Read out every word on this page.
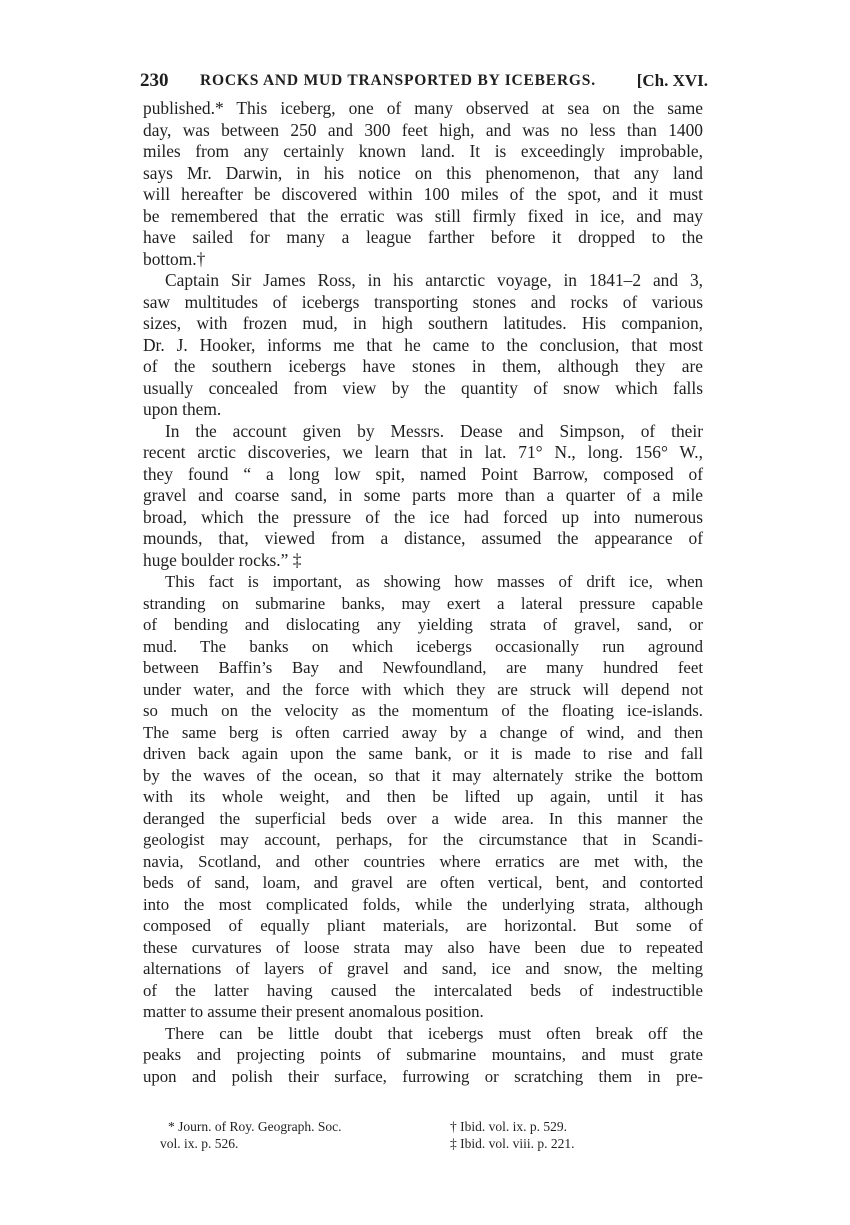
230 ROCKS AND MUD TRANSPORTED BY ICEBERGS. [Ch. XVI.
published.* This iceberg, one of many observed at sea on the same
day, was between 250 and 300 feet high, and was no less than 1400
miles from any certainly known land. It is exceedingly improbable,
says Mr. Darwin, in his notice on this phenomenon, that any land
will hereafter be discovered within 100 miles of the spot, and it must
be remembered that the erratic was still firmly fixed in ice, and may
have sailed for many a league farther before it dropped to the
bottom.†
Captain Sir James Ross, in his antarctic voyage, in 1841–2 and 3,
saw multitudes of icebergs transporting stones and rocks of various
sizes, with frozen mud, in high southern latitudes. His companion,
Dr. J. Hooker, informs me that he came to the conclusion, that most
of the southern icebergs have stones in them, although they are
usually concealed from view by the quantity of snow which falls
upon them.
In the account given by Messrs. Dease and Simpson, of their
recent arctic discoveries, we learn that in lat. 71° N., long. 156° W.,
they found “ a long low spit, named Point Barrow, composed of
gravel and coarse sand, in some parts more than a quarter of a mile
broad, which the pressure of the ice had forced up into numerous
mounds, that, viewed from a distance, assumed the appearance of
huge boulder rocks.” ‡
This fact is important, as showing how masses of drift ice, when
stranding on submarine banks, may exert a lateral pressure capable
of bending and dislocating any yielding strata of gravel, sand, or
mud. The banks on which icebergs occasionally run aground
between Baffin’s Bay and Newfoundland, are many hundred feet
under water, and the force with which they are struck will depend not
so much on the velocity as the momentum of the floating ice-islands.
The same berg is often carried away by a change of wind, and then
driven back again upon the same bank, or it is made to rise and fall
by the waves of the ocean, so that it may alternately strike the bottom
with its whole weight, and then be lifted up again, until it has
deranged the superficial beds over a wide area. In this manner the
geologist may account, perhaps, for the circumstance that in Scandi-
navia, Scotland, and other countries where erratics are met with, the
beds of sand, loam, and gravel are often vertical, bent, and contorted
into the most complicated folds, while the underlying strata, although
composed of equally pliant materials, are horizontal. But some of
these curvatures of loose strata may also have been due to repeated
alternations of layers of gravel and sand, ice and snow, the melting
of the latter having caused the intercalated beds of indestructible
matter to assume their present anomalous position.
There can be little doubt that icebergs must often break off the
peaks and projecting points of submarine mountains, and must grate
upon and polish their surface, furrowing or scratching them in pre-
* Journ. of Roy. Geograph. Soc.
vol. ix. p. 526.
† Ibid. vol. ix. p. 529.
‡ Ibid. vol. viii. p. 221.
